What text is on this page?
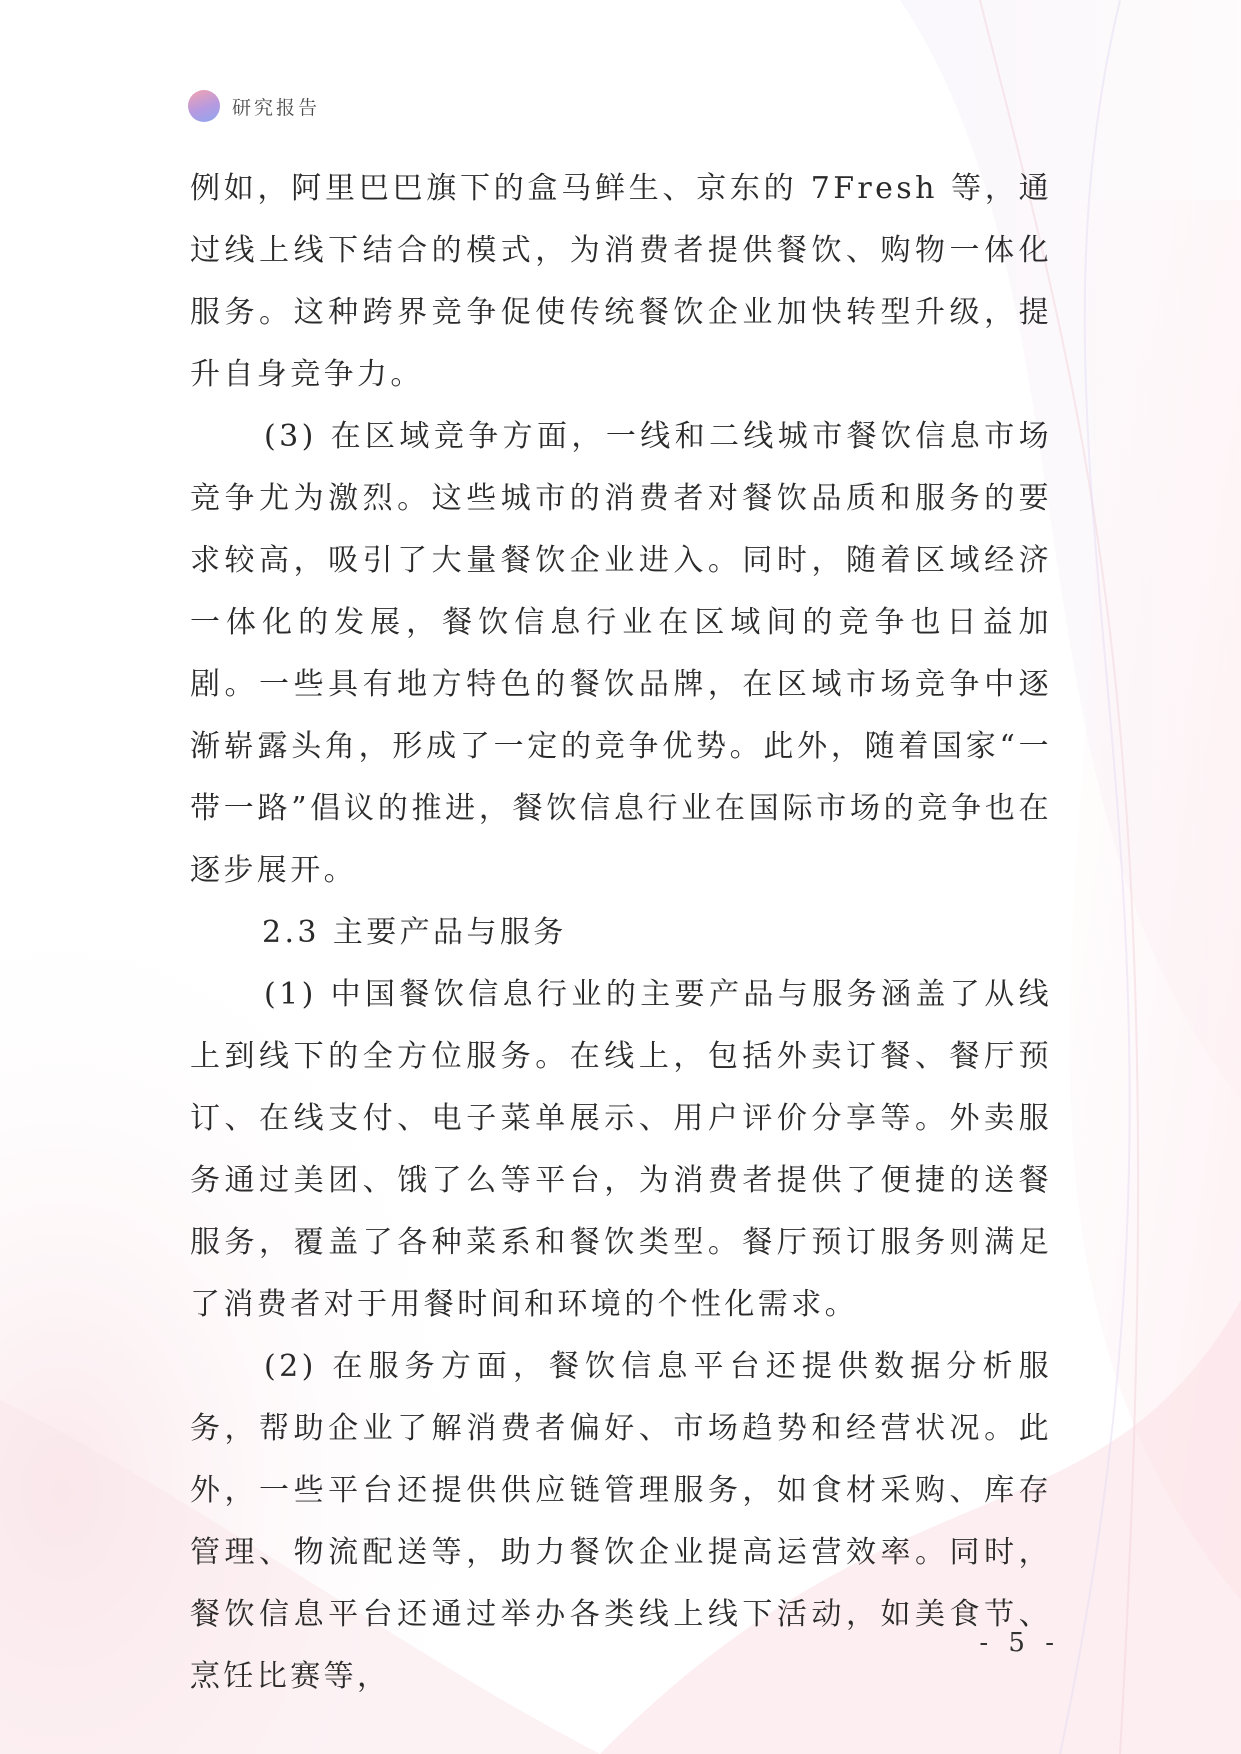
研究报告

例如，阿里巴巴旗下的盒马鲜生、京东的 7Fresh 等，通过线上线下结合的模式，为消费者提供餐饮、购物一体化服务。这种跨界竞争促使传统餐饮企业加快转型升级，提升自身竞争力。

(3) 在区域竞争方面，一线和二线城市餐饮信息市场竞争尤为激烈。这些城市的消费者对餐饮品质和服务的要求较高，吸引了大量餐饮企业进入。同时，随着区域经济一体化的发展，餐饮信息行业在区域间的竞争也日益加剧。一些具有地方特色的餐饮品牌，在区域市场竞争中逐渐崭露头角，形成了一定的竞争优势。此外，随着国家“一带一路”倡议的推进，餐饮信息行业在国际市场的竞争也在逐步展开。

2.3 主要产品与服务

(1) 中国餐饮信息行业的主要产品与服务涵盖了从线上到线下的全方位服务。在线上，包括外卖订餐、餐厅预订、在线支付、电子菜单展示、用户评价分享等。外卖服务通过美团、饿了么等平台，为消费者提供了便捷的送餐服务，覆盖了各种菜系和餐饮类型。餐厅预订服务则满足了消费者对于用餐时间和环境的个性化需求。

(2) 在服务方面，餐饮信息平台还提供数据分析服务，帮助企业了解消费者偏好、市场趋势和经营状况。此外，一些平台还提供供应链管理服务，如食材采购、库存管理、物流配送等，助力餐饮企业提高运营效率。同时，餐饮信息平台还通过举办各类线上线下活动，如美食节、烹饪比赛等，

- 5 -
